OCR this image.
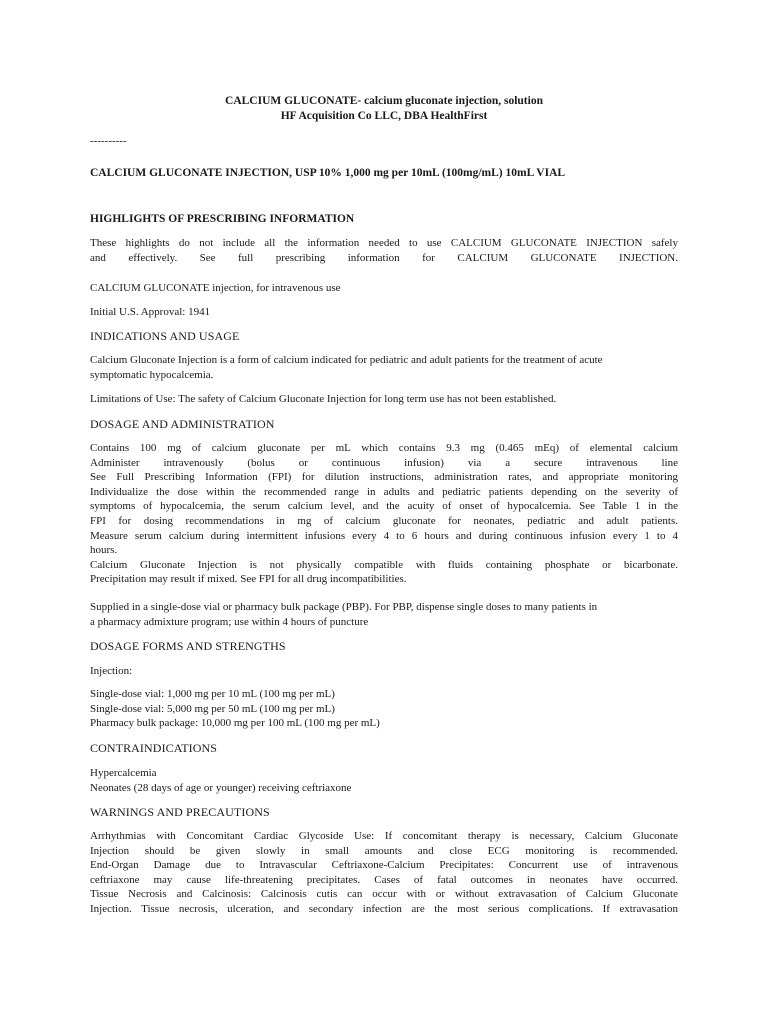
CALCIUM GLUCONATE- calcium gluconate injection, solution

HF Acquisition Co LLC, DBA HealthFirst

----------

CALCIUM GLUCONATE INJECTION, USP 10% 1,000 mg per 10mL (100mg/mL) 10mL VIAL

HIGHLIGHTS OF PRESCRIBING INFORMATION

These highlights do not include all the information needed to use CALCIUM GLUCONATE INJECTION safely
and effectively. See full prescribing information for CALCIUM GLUCONATE INJECTION.

CALCIUM GLUCONATE injection, for intravenous use

Initial U.S. Approval: 1941

INDICATIONS AND USAGE

Calcium Gluconate Injection is a form of calcium indicated for pediatric and adult patients for the treatment of acute
symptomatic hypocalcemia.

Limitations of Use: The safety of Calcium Gluconate Injection for long term use has not been established.

DOSAGE AND ADMINISTRATION

Contains 100 mg of calcium gluconate per mL which contains 9.3 mg (0.465 mEq) of elemental calcium
Administer intravenously (bolus or continuous infusion) via a secure intravenous line
See Full Prescribing Information (FPI) for dilution instructions, administration rates, and appropriate monitoring
Individualize the dose within the recommended range in adults and pediatric patients depending on the severity of
symptoms of hypocalcemia, the serum calcium level, and the acuity of onset of hypocalcemia. See Table 1 in the
FPI for dosing recommendations in mg of calcium gluconate for neonates, pediatric and adult patients.
Measure serum calcium during intermittent infusions every 4 to 6 hours and during continuous infusion every 1 to 4
hours.
Calcium Gluconate Injection is not physically compatible with fluids containing phosphate or bicarbonate.
Precipitation may result if mixed. See FPI for all drug incompatibilities.

Supplied in a single-dose vial or pharmacy bulk package (PBP). For PBP, dispense single doses to many patients in
a pharmacy admixture program; use within 4 hours of puncture

DOSAGE FORMS AND STRENGTHS

Injection:

Single-dose vial: 1,000 mg per 10 mL (100 mg per mL)
Single-dose vial: 5,000 mg per 50 mL (100 mg per mL)
Pharmacy bulk package: 10,000 mg per 100 mL (100 mg per mL)

CONTRAINDICATIONS

Hypercalcemia
Neonates (28 days of age or younger) receiving ceftriaxone

WARNINGS AND PRECAUTIONS

Arrhythmias with Concomitant Cardiac Glycoside Use: If concomitant therapy is necessary, Calcium Gluconate
Injection should be given slowly in small amounts and close ECG monitoring is recommended.
End-Organ Damage due to Intravascular Ceftriaxone-Calcium Precipitates: Concurrent use of intravenous
ceftriaxone may cause life-threatening precipitates. Cases of fatal outcomes in neonates have occurred.
Tissue Necrosis and Calcinosis: Calcinosis cutis can occur with or without extravasation of Calcium Gluconate
Injection. Tissue necrosis, ulceration, and secondary infection are the most serious complications. If extravasation
